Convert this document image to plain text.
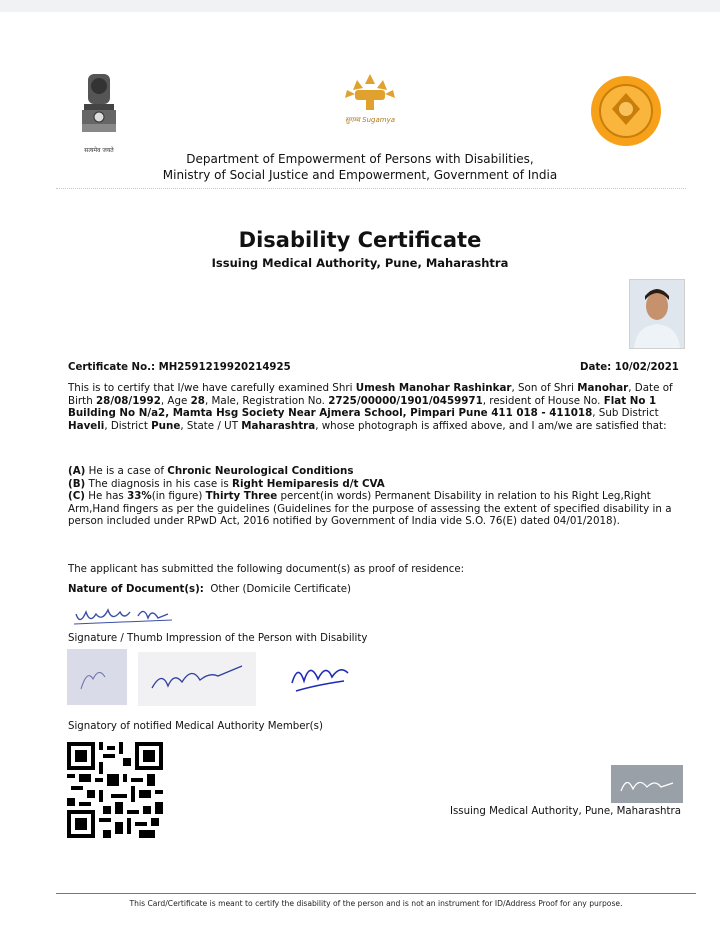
सत्यमेव जयते
सुगम्य Sugamya
Department of Empowerment of Persons with Disabilities,
Ministry of Social Justice and Empowerment, Government of India
Disability Certificate
Issuing Medical Authority, Pune, Maharashtra
Certificate No.: MH2591219920214925	Date: 10/02/2021
This is to certify that I/we have carefully examined Shri Umesh Manohar Rashinkar, Son of Shri Manohar, Date of Birth 28/08/1992, Age 28, Male, Registration No. 2725/00000/1901/0459971, resident of House No. Flat No 1 Building No N/a2, Mamta Hsg Society Near Ajmera School, Pimpari Pune 411 018 - 411018, Sub District Haveli, District Pune, State / UT Maharashtra, whose photograph is affixed above, and I am/we are satisfied that:
(A) He is a case of Chronic Neurological Conditions
(B) The diagnosis in his case is Right Hemiparesis d/t CVA
(C) He has 33%(in figure) Thirty Three percent(in words) Permanent Disability in relation to his Right Leg,Right Arm,Hand fingers as per the guidelines (Guidelines for the purpose of assessing the extent of specified disability in a person included under RPwD Act, 2016 notified by Government of India vide S.O. 76(E) dated 04/01/2018).
The applicant has submitted the following document(s) as proof of residence:
Nature of Document(s): Other (Domicile Certificate)
Signature / Thumb Impression of the Person with Disability
Signatory of notified Medical Authority Member(s)
Issuing Medical Authority, Pune, Maharashtra
This Card/Certificate is meant to certify the disability of the person and is not an instrument for ID/Address Proof for any purpose.
